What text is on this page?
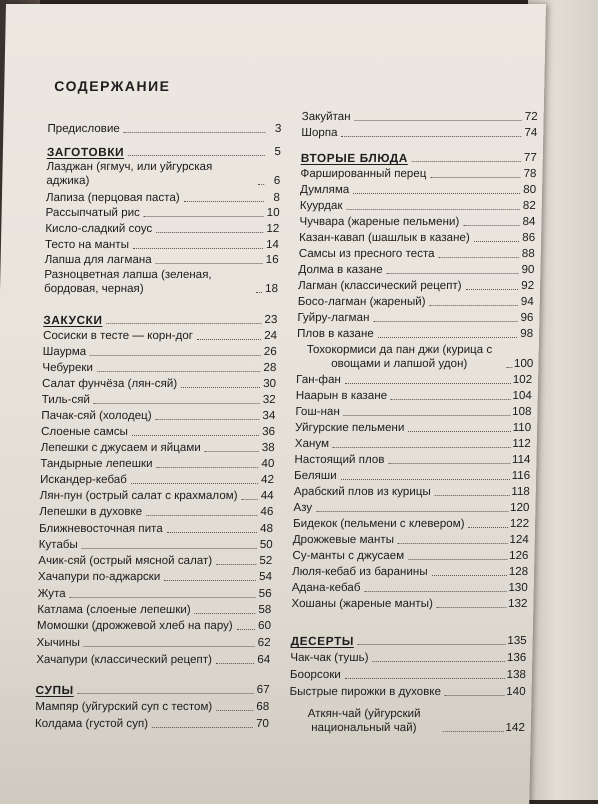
СОДЕРЖАНИЕ
Предисловие	3
ЗАГОТОВКИ	5
Лазджан (ягмуч, или уйгурская аджика)	6
Лапиза (перцовая паста)	8
Рассыпчатый рис	10
Кисло-сладкий соус	12
Тесто на манты	14
Лапша для лагмана	16
Разноцветная лапша (зеленая, бордовая, черная)	18
ЗАКУСКИ	23
Сосиски в тесте — корн-дог	24
Шаурма	26
Чебуреки	28
Салат фунчёза (лян-сяй)	30
Тиль-сяй	32
Пачак-сяй (холодец)	34
Слоеные самсы	36
Лепешки с джусаем и яйцами	38
Тандырные лепешки	40
Искандер-кебаб	42
Лян-пун (острый салат с крахмалом) 44
Лепешки в духовке	46
Ближневосточная пита	48
Кутабы	50
Ачик-сяй (острый мясной салат)	52
Хачапури по-аджарски	54
Жута	56
Катлама (слоеные лепешки)	58
Момошки (дрожжевой хлеб на пару) 60
Хычины	62
Хачапури (классический рецепт)	64
СУПЫ	67
Мампяр (уйгурский суп с тестом)	68
Колдама (густой суп)	70
Закуйтан	72
Шорпа	74
ВТОРЫЕ БЛЮДА	77
Фаршированный перец	78
Думляма	80
Куурдак	82
Чучвара (жареные пельмени)	84
Казан-кавап (шашлык в казане)	86
Самсы из пресного теста	88
Долма в казане	90
Лагман (классический рецепт)	92
Босо-лагман (жареный)	94
Гуйру-лагман	96
Плов в казане	98
Тохокормиси да пан джи (курица с овощами и лапшой удон)	100
Ган-фан	102
Наарын в казане	104
Гош-нан	108
Уйгурские пельмени	110
Ханум	112
Настоящий плов	114
Беляши	116
Арабский плов из курицы	118
Азу	120
Бидекок (пельмени с клевером)	122
Дрожжевые манты	124
Су-манты с джусаем	126
Люля-кебаб из баранины	128
Адана-кебаб	130
Хошаны (жареные манты)	132
ДЕСЕРТЫ	135
Чак-чак (тушь)	136
Боорсоки	138
Быстрые пирожки в духовке	140
Аткян-чай (уйгурский национальный чай)	142
